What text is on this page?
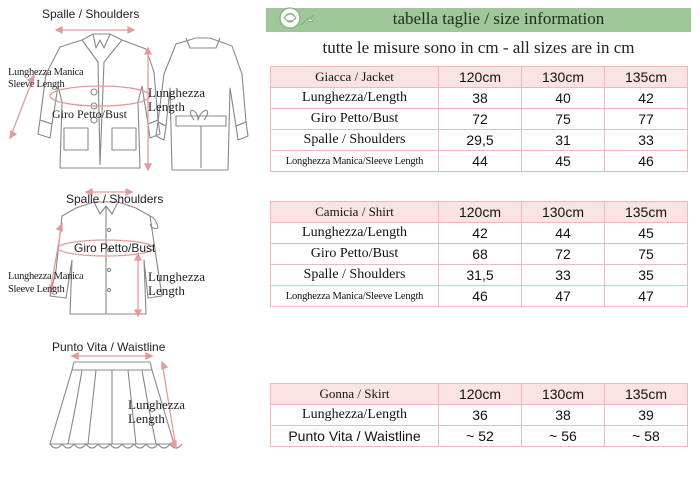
tabella taglie / size information
tutte le misure sono in cm - all sizes are in cm
Spalle / Shoulders
Lunghezza Manica
Sleeve Length
Giro Petto/Bust
Lunghezza
Length
Spalle / Shoulders
Giro Petto/Bust
Lunghezza Manica
Sleeve Length
Lunghezza
Length
Punto Vita / Waistline
Lunghezza
Length
Giacca / Jacket	120cm	130cm	135cm
Lunghezza/Length	38	40	42
Giro Petto/Bust	72	75	77
Spalle / Shoulders	29,5	31	33
Longhezza Manica/Sleeve Length	44	45	46
Camicia / Shirt	120cm	130cm	135cm
Lunghezza/Length	42	44	45
Giro Petto/Bust	68	72	75
Spalle / Shoulders	31,5	33	35
Longhezza Manica/Sleeve Length	46	47	47
Gonna / Skirt	120cm	130cm	135cm
Lunghezza/Length	36	38	39
Punto Vita / Waistline	~ 52	~ 56	~ 58
